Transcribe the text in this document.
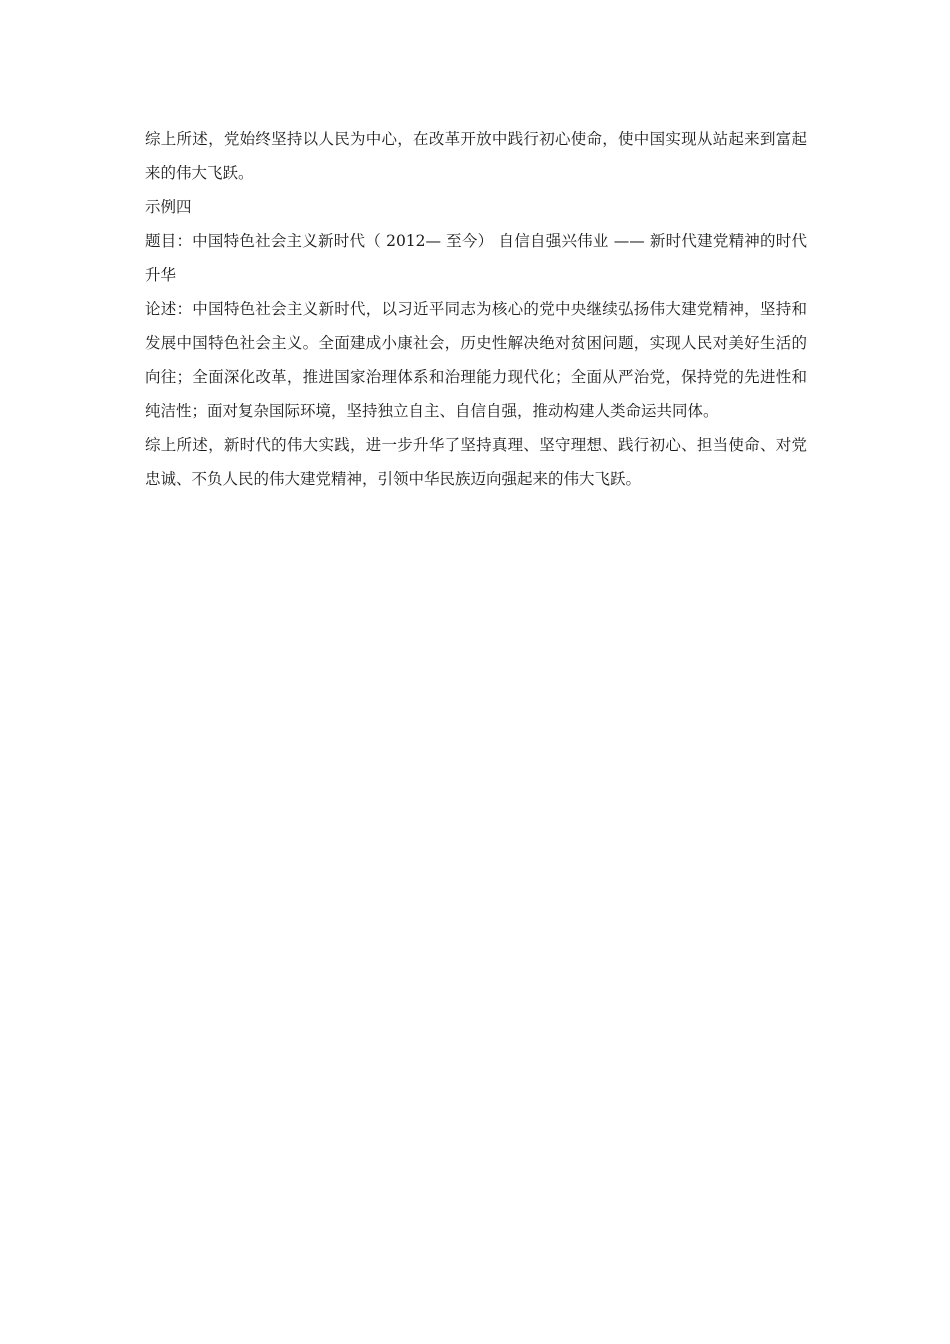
综上所述，党始终坚持以人民为中心，在改革开放中践行初心使命，使中国实现从站起来到富起来的伟大飞跃。

示例四

题目：中国特色社会主义新时代（ 2012— 至今） 自信自强兴伟业 —— 新时代建党精神的时代升华

论述：中国特色社会主义新时代，以习近平同志为核心的党中央继续弘扬伟大建党精神，坚持和发展中国特色社会主义。全面建成小康社会，历史性解决绝对贫困问题，实现人民对美好生活的向往；全面深化改革，推进国家治理体系和治理能力现代化；全面从严治党，保持党的先进性和纯洁性；面对复杂国际环境，坚持独立自主、自信自强，推动构建人类命运共同体。

综上所述，新时代的伟大实践，进一步升华了坚持真理、坚守理想、践行初心、担当使命、对党忠诚、不负人民的伟大建党精神，引领中华民族迈向强起来的伟大飞跃。
